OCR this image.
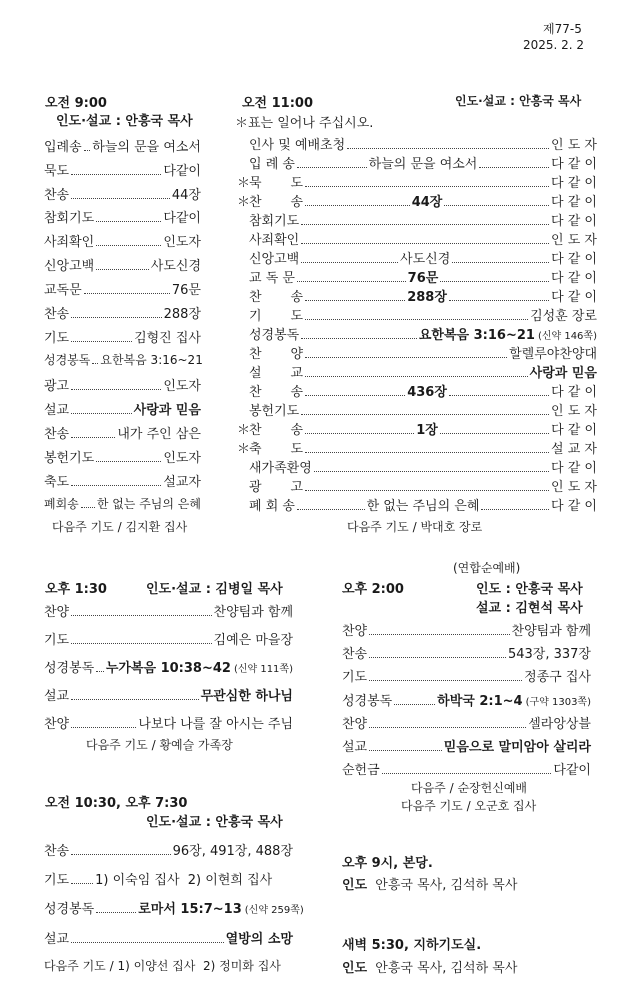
제77-5
2025. 2. 2
오전 9:00
인도·설교 : 안흥국 목사
입례송 하늘의 문을 여소서
묵도	다같이
찬송	44장
참회기도	다같이
사죄확인	인도자
신앙고백	사도신경
교독문	76문
찬송	288장
기도	김형진 집사
성경봉독 요한복음 3:16~21
광고	인도자
설교	사랑과 믿음
찬송	내가 주인 삼은
봉헌기도	인도자
축도	설교자
폐회송 한 없는 주님의 은혜
다음주 기도 / 김지환 집사
오전 11:00	인도·설교 : 안흥국 목사
＊표는 일어나 주십시오.
인사 및 예배초청	인 도 자
입 례 송	하늘의 문을 여소서	다 같 이
＊
묵       도	다 같 이
＊
찬       송	44장	다 같 이
참회기도	다 같 이
사죄확인	인 도 자
신앙고백	사도신경	다 같 이
교 독 문	76문	다 같 이
찬       송	288장	다 같 이
기       도	김성훈 장로
성경봉독	요한복음 3:16~21 (신약 146쪽)
찬       양	할렐루야찬양대
설       교	사랑과 믿음
찬       송	436장	다 같 이
봉헌기도	인 도 자
＊
찬       송	1장	다 같 이
＊
축       도	설 교 자
새가족환영	다 같 이
광       고	인 도 자
폐 회 송	한 없는 주님의 은혜	다 같 이
다음주 기도 / 박대호 장로
오후 1:30	인도·설교 : 김병일 목사
찬양	찬양팀과 함께
기도	김예은 마을장
성경봉독 누가복음 10:38~42 (신약 111쪽)
설교	무관심한 하나님
찬양	나보다 나를 잘 아시는 주님
다음주 기도 / 황예슬 가족장
(연합순예배)
오후 2:00	인도 : 안흥국 목사
설교 : 김현석 목사
찬양	찬양팀과 함께
찬송	543장, 337장
기도	정종구 집사
성경봉독	하박국 2:1~4 (구약 1303쪽)
찬양	셀라앙상블
설교	믿음으로 말미암아 살리라
순헌금	다같이
다음주 / 순장헌신예배
다음주 기도 / 오군호 집사
오전 10:30, 오후 7:30
인도·설교 : 안흥국 목사
찬송	96장, 491장, 488장
기도 1) 이숙임 집사  2) 이현희 집사
성경봉독	로마서 15:7~13 (신약 259쪽)
설교	열방의 소망
다음주 기도 / 1) 이양선 집사  2) 정미화 집사
오후 9시, 본당.
인도 안흥국 목사, 김석하 목사
새벽 5:30, 지하기도실.
인도 안흥국 목사, 김석하 목사
